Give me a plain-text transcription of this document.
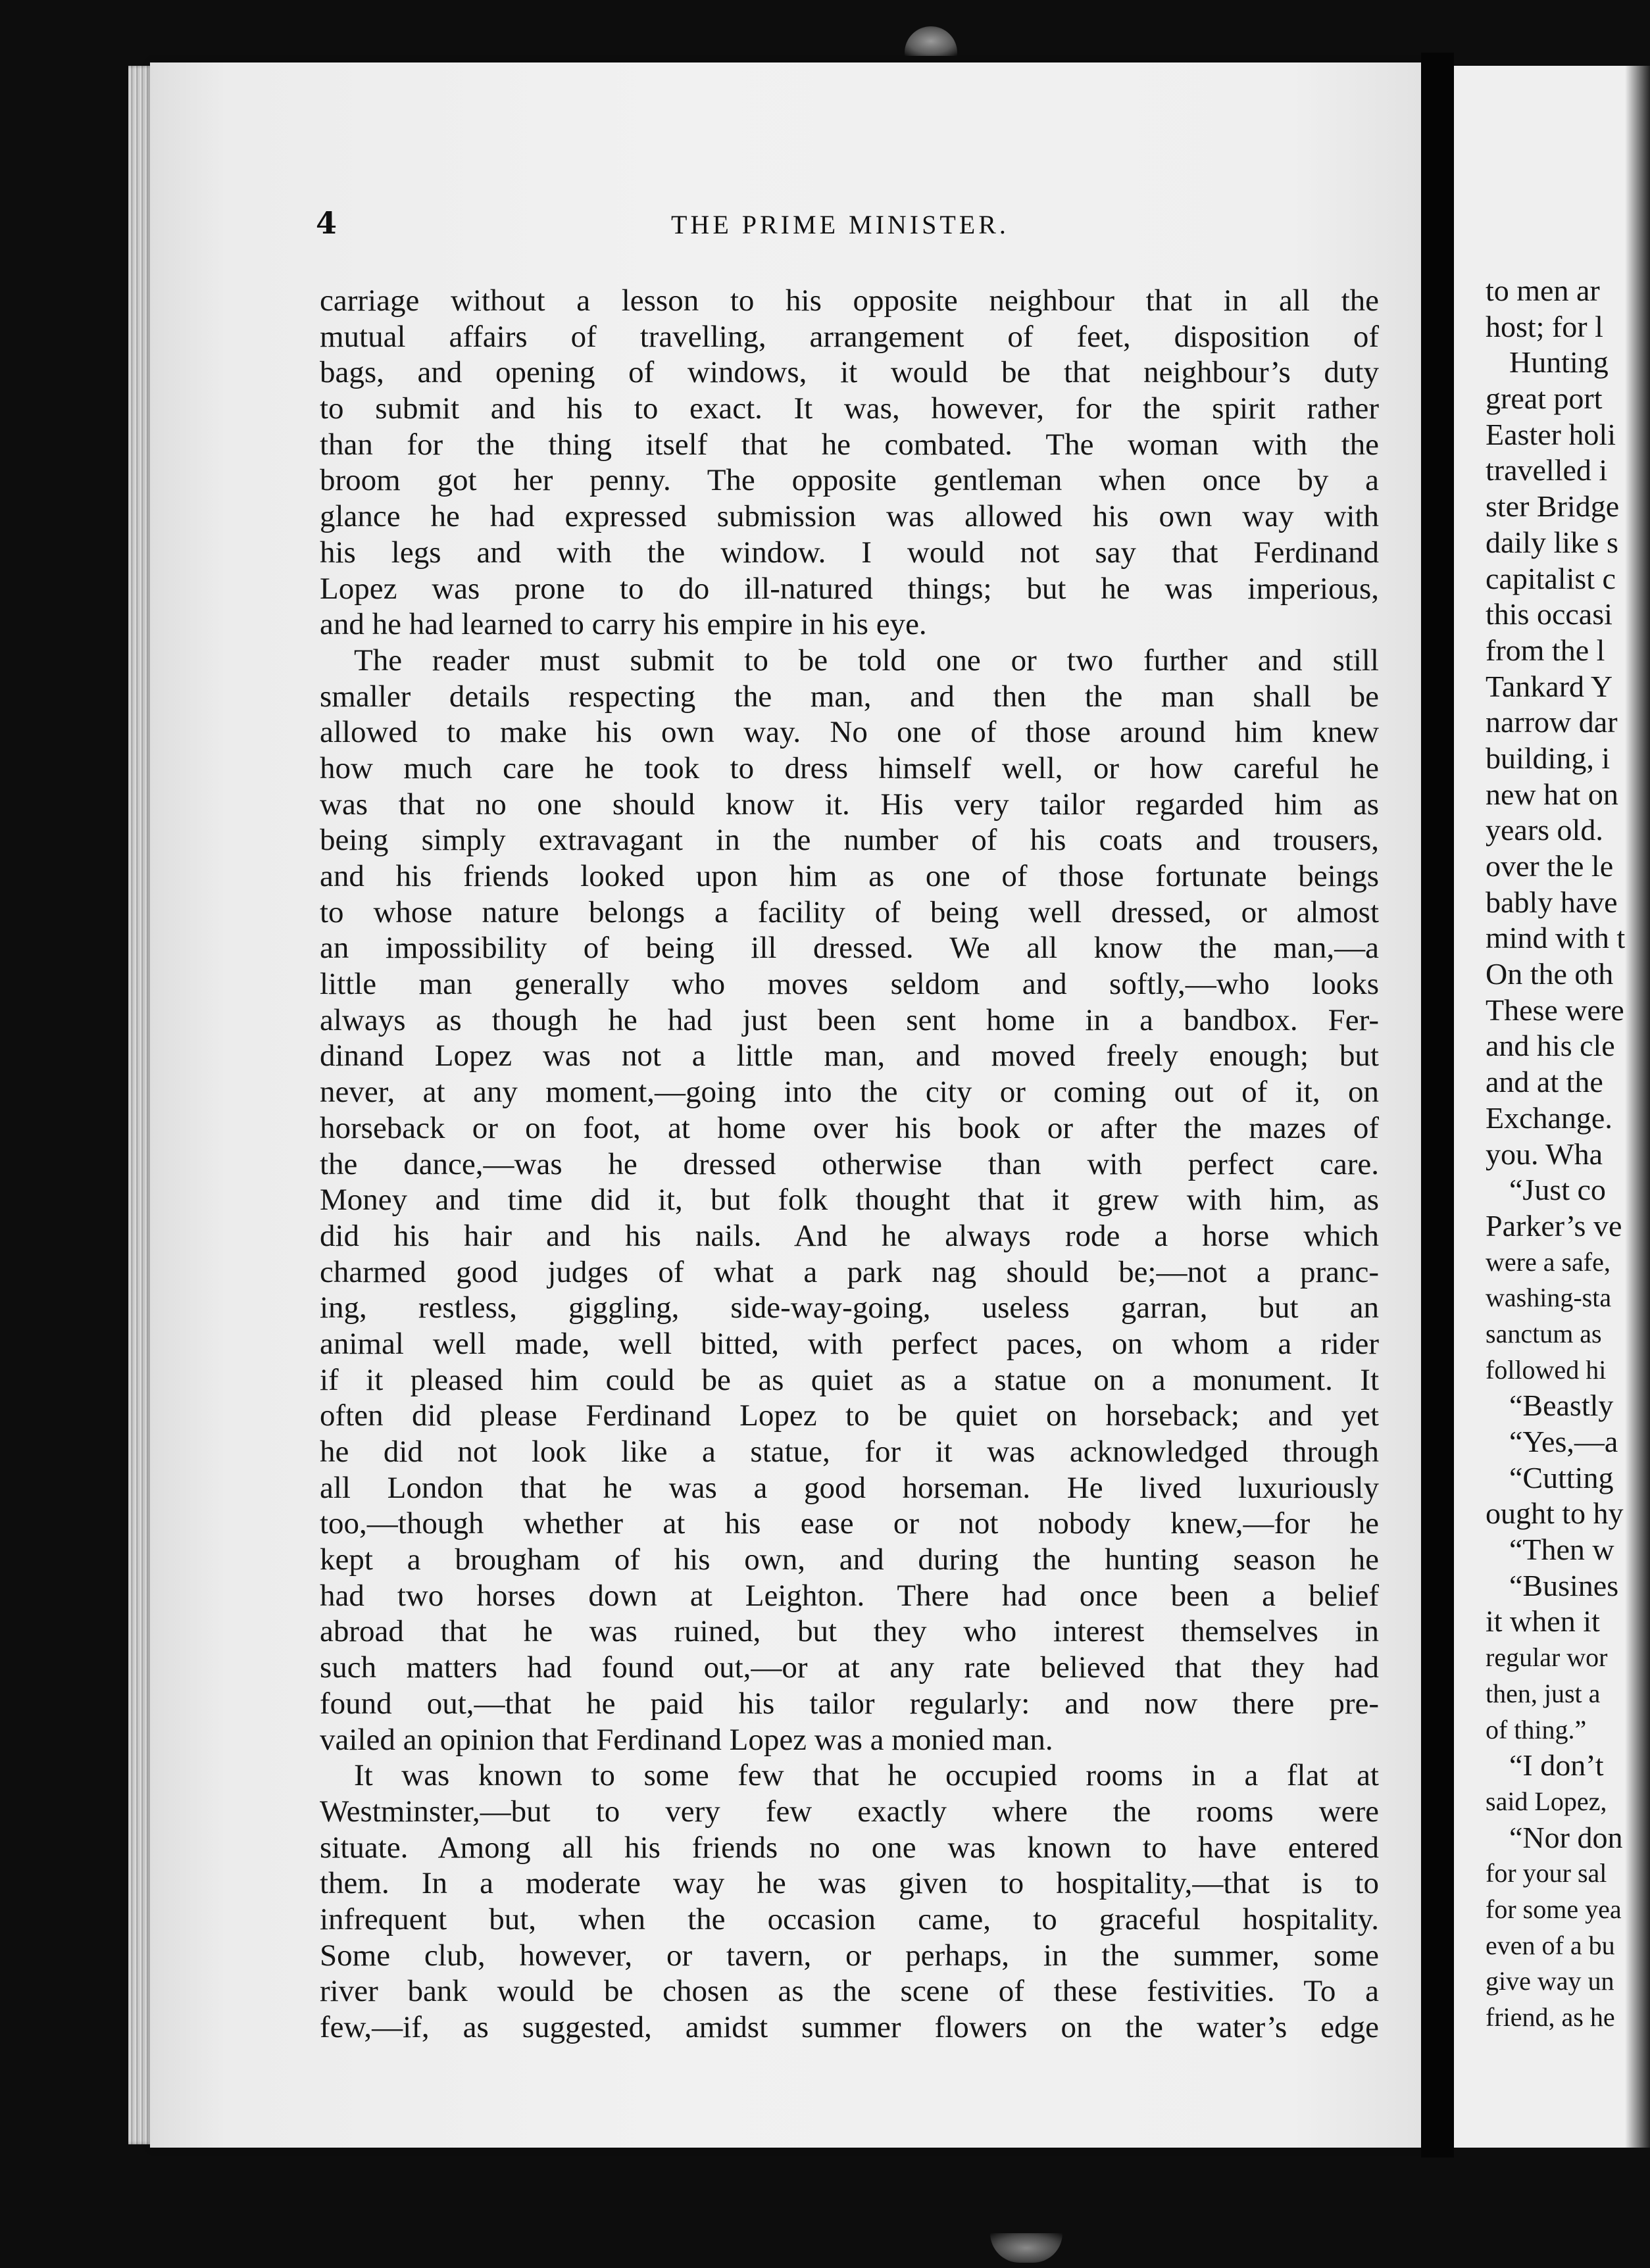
4	THE PRIME MINISTER.
carriage without a lesson to his opposite neighbour that in all the
mutual affairs of travelling, arrangement of feet, disposition of
bags, and opening of windows, it would be that neighbour’s duty
to submit and his to exact. It was, however, for the spirit rather
than for the thing itself that he combated. The woman with the
broom got her penny. The opposite gentleman when once by a
glance he had expressed submission was allowed his own way with
his legs and with the window. I would not say that Ferdinand
Lopez was prone to do ill-natured things; but he was imperious,
and he had learned to carry his empire in his eye.
The reader must submit to be told one or two further and still
smaller details respecting the man, and then the man shall be
allowed to make his own way. No one of those around him knew
how much care he took to dress himself well, or how careful he
was that no one should know it. His very tailor regarded him as
being simply extravagant in the number of his coats and trousers,
and his friends looked upon him as one of those fortunate beings
to whose nature belongs a facility of being well dressed, or almost
an impossibility of being ill dressed. We all know the man,—a
little man generally who moves seldom and softly,—who looks
always as though he had just been sent home in a bandbox. Fer-
dinand Lopez was not a little man, and moved freely enough; but
never, at any moment,—going into the city or coming out of it, on
horseback or on foot, at home over his book or after the mazes of
the dance,—was he dressed otherwise than with perfect care.
Money and time did it, but folk thought that it grew with him, as
did his hair and his nails. And he always rode a horse which
charmed good judges of what a park nag should be;—not a pranc-
ing, restless, giggling, side-way-going, useless garran, but an
animal well made, well bitted, with perfect paces, on whom a rider
if it pleased him could be as quiet as a statue on a monument. It
often did please Ferdinand Lopez to be quiet on horseback; and yet
he did not look like a statue, for it was acknowledged through
all London that he was a good horseman. He lived luxuriously
too,—though whether at his ease or not nobody knew,—for he
kept a brougham of his own, and during the hunting season he
had two horses down at Leighton. There had once been a belief
abroad that he was ruined, but they who interest themselves in
such matters had found out,—or at any rate believed that they had
found out,—that he paid his tailor regularly: and now there pre-
vailed an opinion that Ferdinand Lopez was a monied man.
It was known to some few that he occupied rooms in a flat at
Westminster,—but to very few exactly where the rooms were
situate. Among all his friends no one was known to have entered
them. In a moderate way he was given to hospitality,—that is to
infrequent but, when the occasion came, to graceful hospitality.
Some club, however, or tavern, or perhaps, in the summer, some
river bank would be chosen as the scene of these festivities. To a
few,—if, as suggested, amidst summer flowers on the water’s edge
to men ar
host; for l
Hunting
great port
Easter holi
travelled i
ster Bridge
daily like s
capitalist c
this occasi
from the l
Tankard Y
narrow dar
building, i
new hat on
years old.
over the le
bably have
mind with t
On the oth
These were
and his cle
and at the
Exchange.
you. Wha
“Just co
Parker’s ve
were a safe,
washing-sta
sanctum as
followed hi
“Beastly
“Yes,—a
“Cutting
ought to hy
“Then w
“Busines
it when it
regular wor
then, just a
of thing.”
“I don’t
said Lopez,
“Nor don
for your sal
for some yea
even of a bu
give way un
friend, as he
